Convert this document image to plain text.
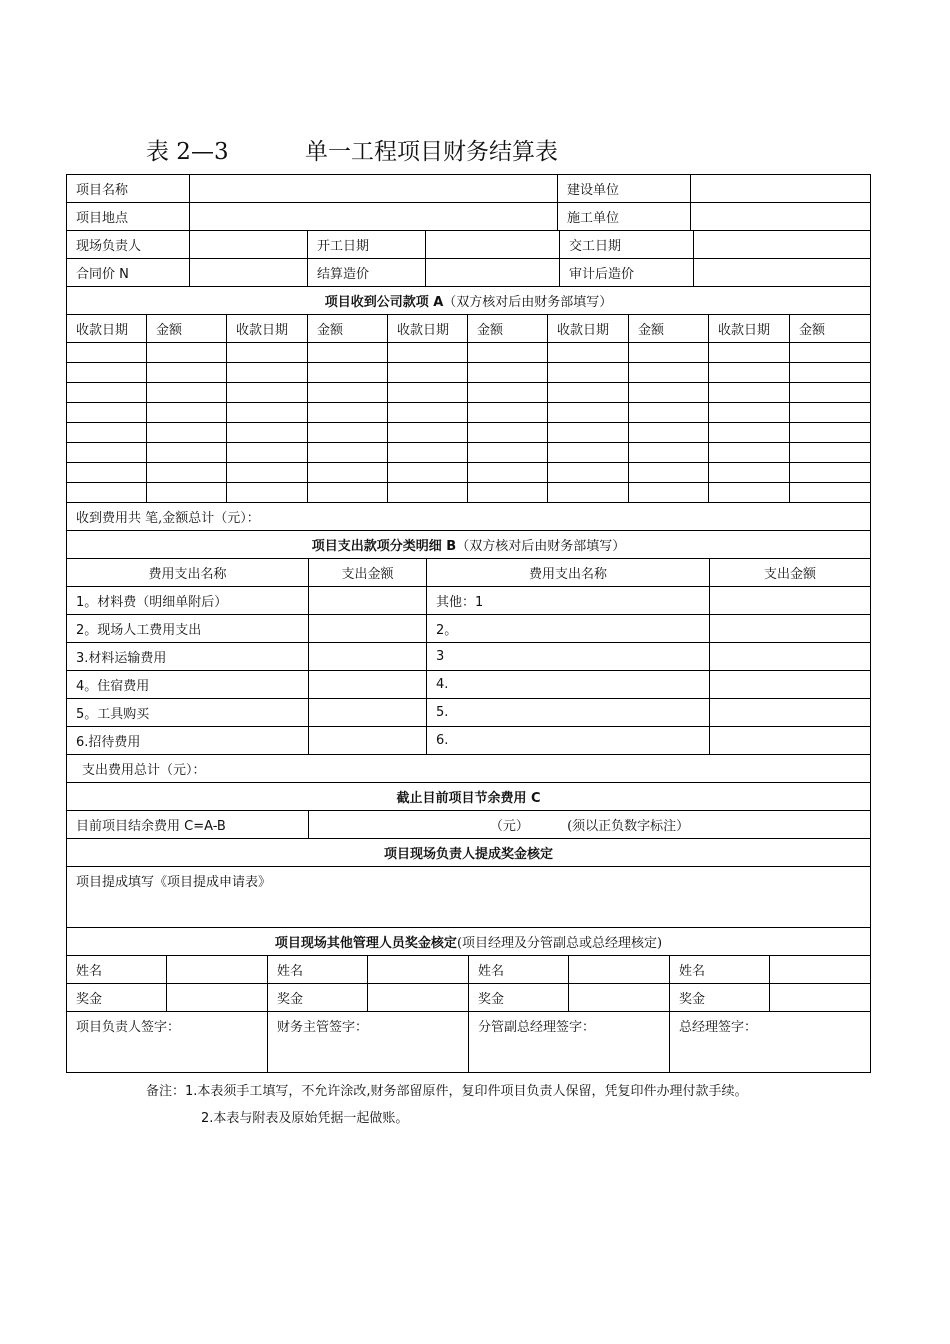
表 2—3	单一工程项目财务结算表
项目名称		建设单位	
项目地点		施工单位	
现场负责人		开工日期		交工日期	
合同价 N		结算造价		审计后造价	
项目收到公司款项 A（双方核对后由财务部填写）					
收款日期	金额	收款日期	金额	收款日期	金额	收款日期	金额	收款日期	金额

收到费用共 笔,金额总计（元）：			
项目支出款项分类明细 B（双方核对后由财务部填写）			
费用支出名称	支出金额	费用支出名称	支出金额
1。材料费（明细单附后）		其他：1	
2。现场人工费用支出		2。	
3.材料运输费用		3	
4。住宿费用		4.	
5。工具购买		5.	
6.招待费用		6.	
支出费用总计（元）：			
截止目前项目节余费用 C			
目前项目结余费用 C=A-B	（元） (须以正负数字标注）		
项目现场负责人提成奖金核定			
项目提成填写《项目提成申请表》			
项目现场其他管理人员奖金核定(项目经理及分管副总或总经理核定)			
姓名		姓名		姓名		姓名	
奖金		奖金		奖金		奖金	
项目负责人签字：		财务主管签字：		分管副总经理签字：		总经理签字：	
备注：1.本表须手工填写，不允许涂改,财务部留原件，复印件项目负责人保留，凭复印件办理付款手续。
2.本表与附表及原始凭据一起做账。
